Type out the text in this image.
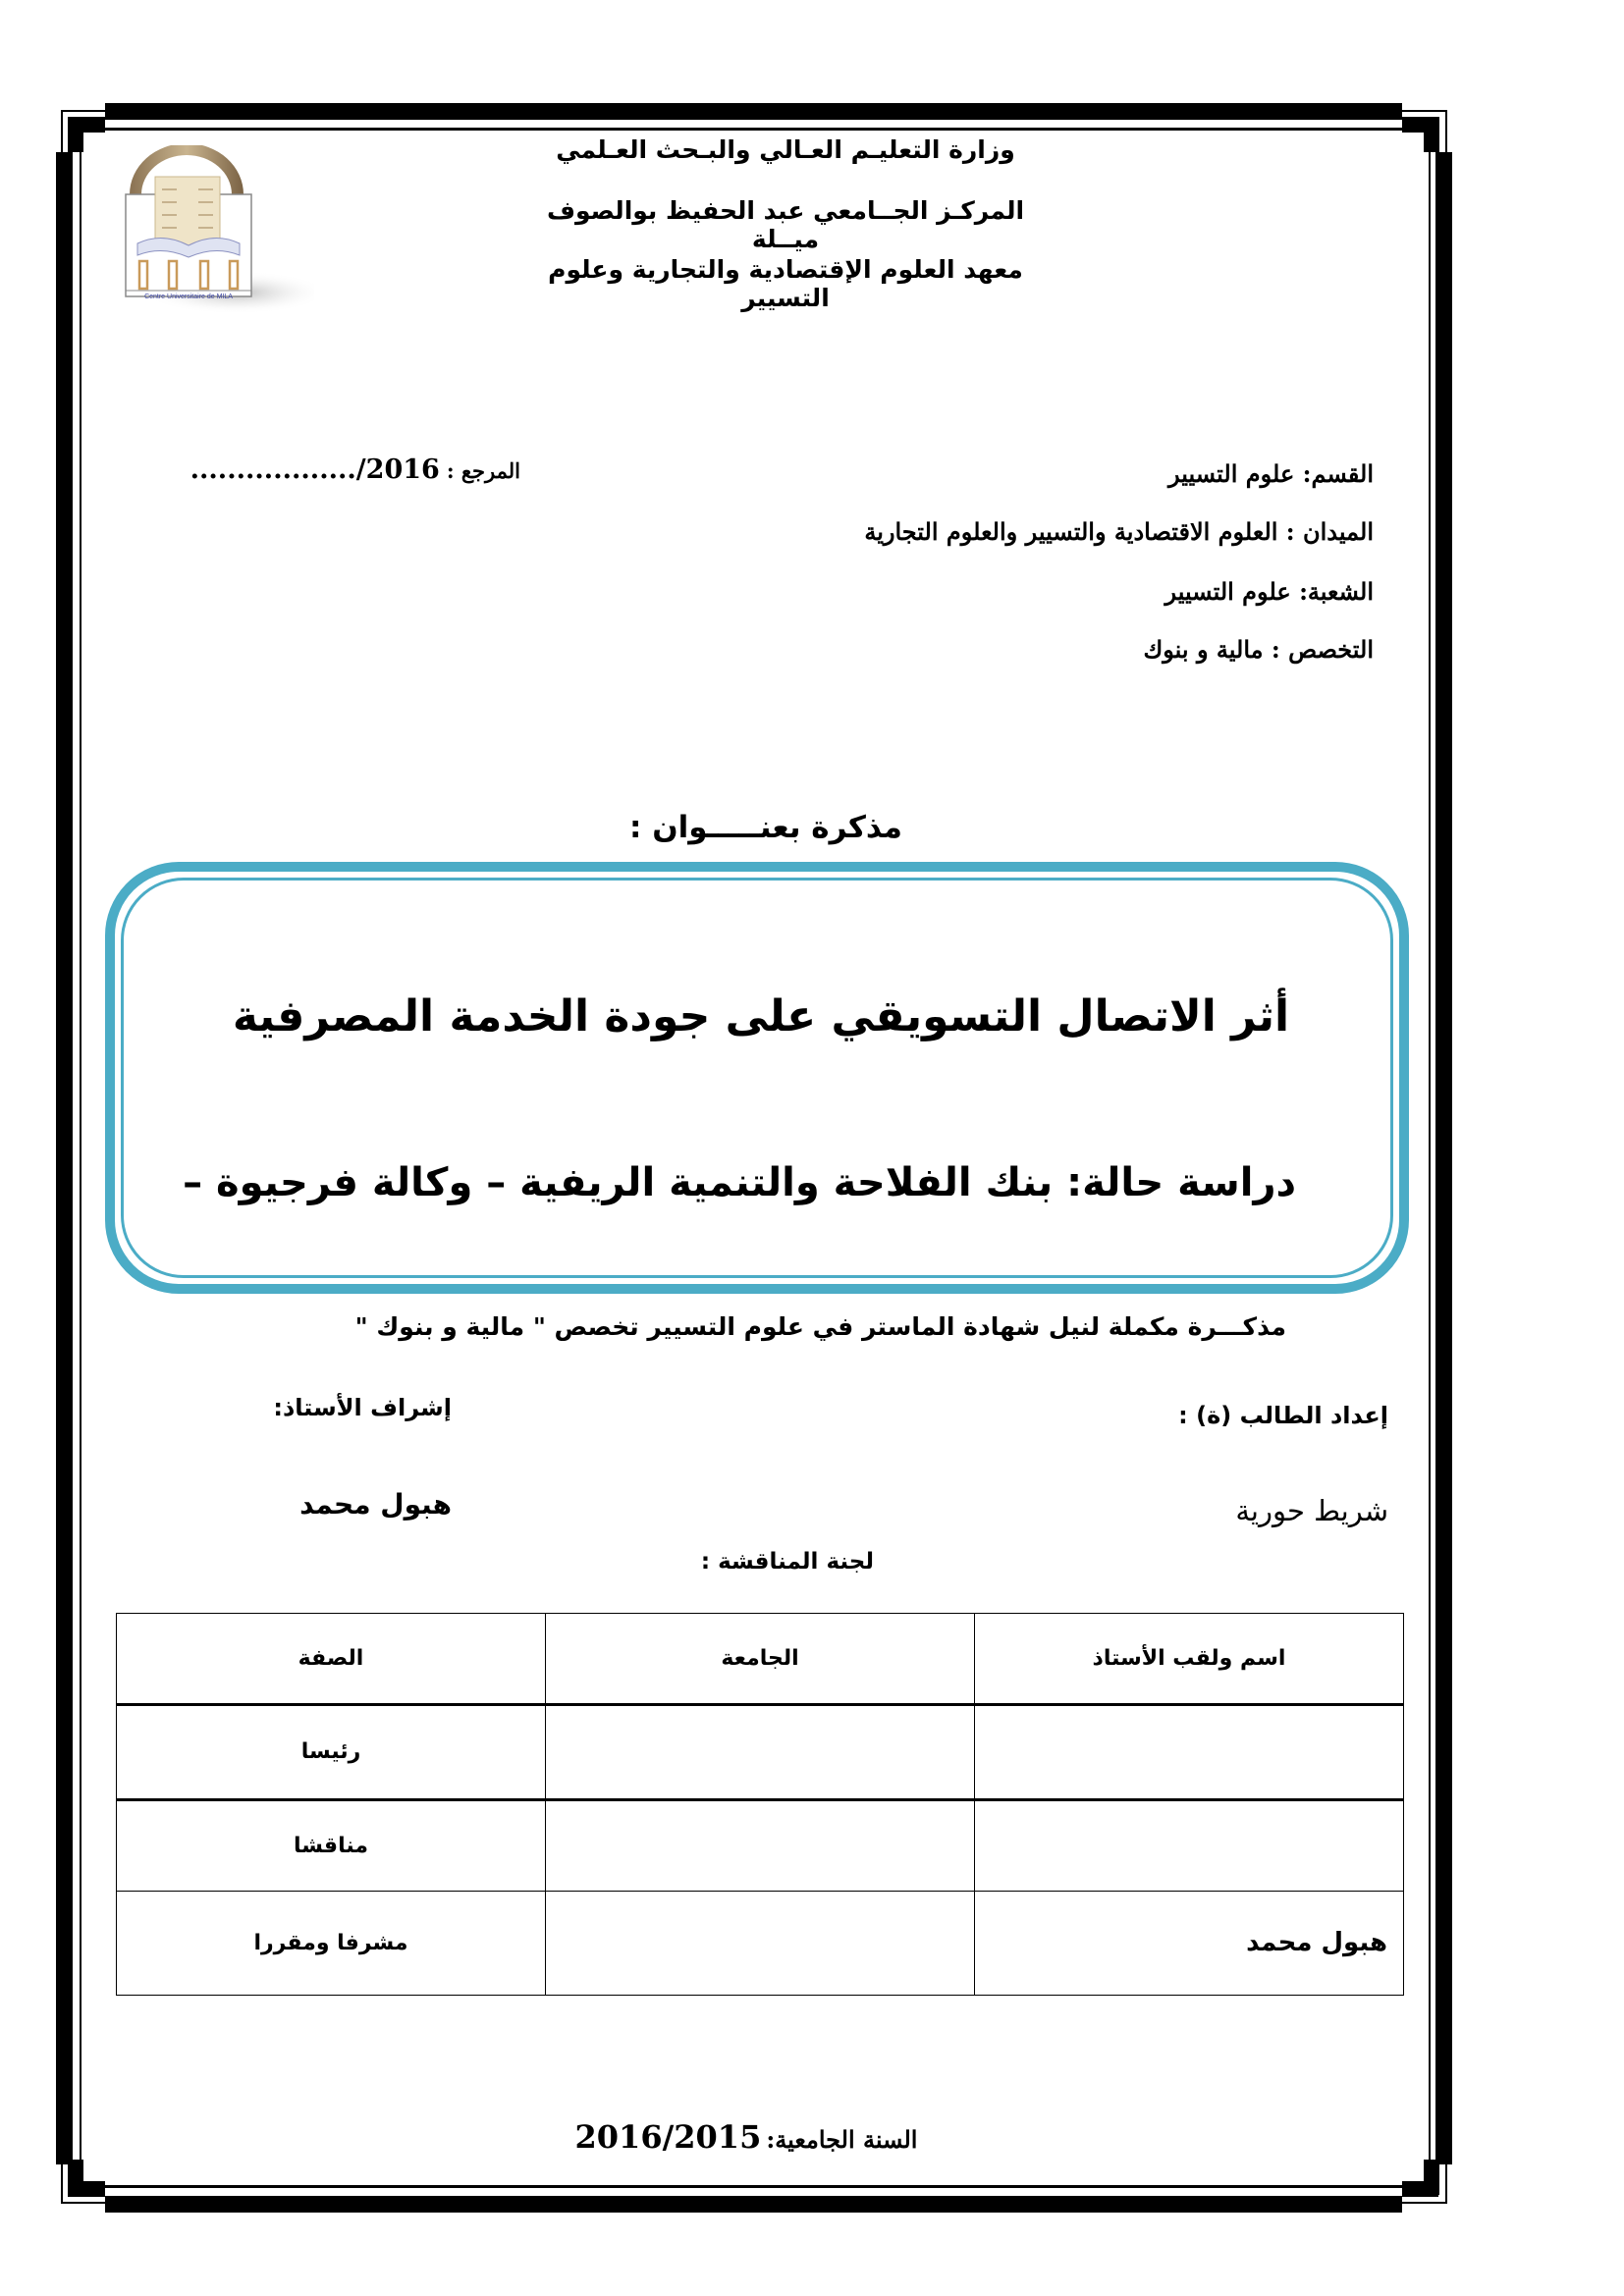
Centre Universitaire de MILA
وزارة التعليـم العـالي والبـحث العـلمي
المركـز الجــامعي عبد الحفيظ بوالصوف ميــلة
معهد العلوم الإقتصادية والتجارية وعلوم التسيير
المرجع : ................../2016	القسم: علوم التسيير
الميدان : العلوم الاقتصادية والتسيير والعلوم التجارية
الشعبة: علوم التسيير
التخصص : مالية و بنوك
مذكرة بعنـــــوان :
أثر الاتصال التسويقي على جودة الخدمة المصرفية
دراسة حالة: بنك الفلاحة والتنمية الريفية – وكالة فرجيوة –
مذكـــرة مكملة لنيل شهادة الماستر في علوم التسيير تخصص " مالية و بنوك "
إعداد الطالب (ة) :
إشراف الأستاذ:
شريط حورية
هبول محمد
لجنة المناقشة :
اسم ولقب الأستاذ	الجامعة	الصفة
		رئيسا
		مناقشا
هبول محمد		مشرفا ومقررا
السنة الجامعية: 2016/2015
